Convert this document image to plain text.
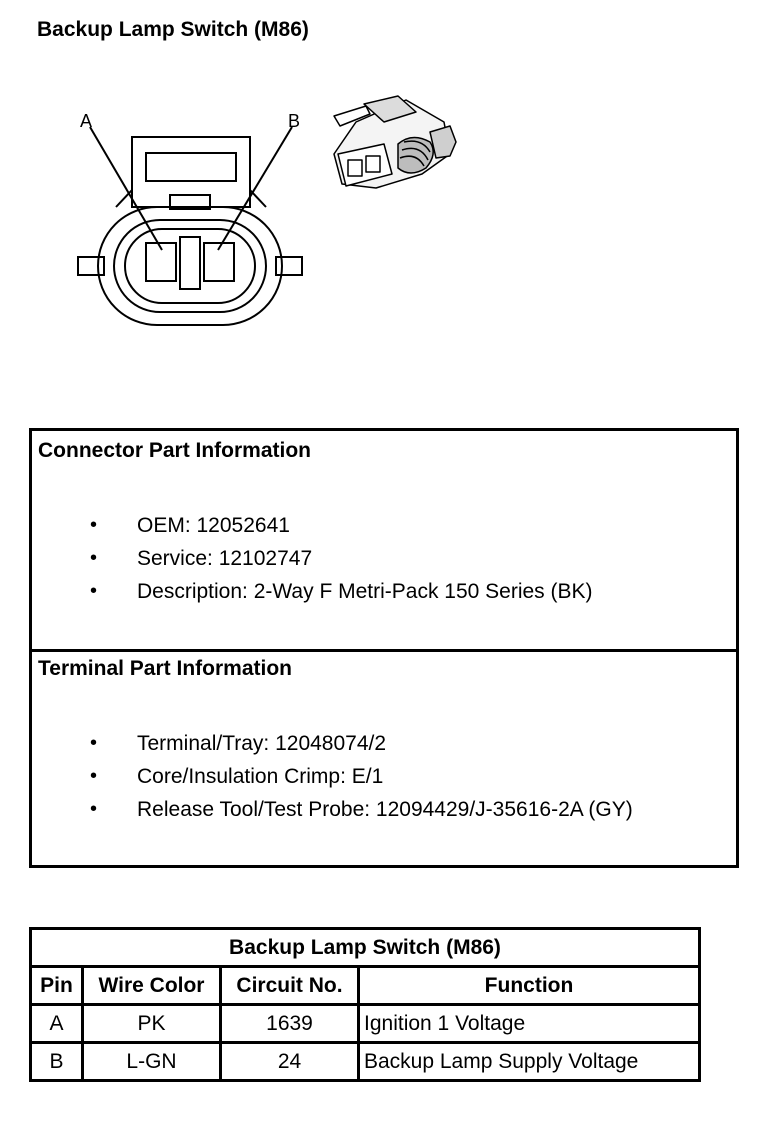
Backup Lamp Switch (M86)
A	B
Connector Part Information
• OEM: 12052641
• Service: 12102747
• Description: 2-Way F Metri-Pack 150 Series (BK)
Terminal Part Information
• Terminal/Tray: 12048074/2
• Core/Insulation Crimp: E/1
• Release Tool/Test Probe: 12094429/J-35616-2A (GY)
Backup Lamp Switch (M86)			
Pin	Wire Color	Circuit No.	Function
A	PK	1639	Ignition 1 Voltage
B	L-GN	24	Backup Lamp Supply Voltage
